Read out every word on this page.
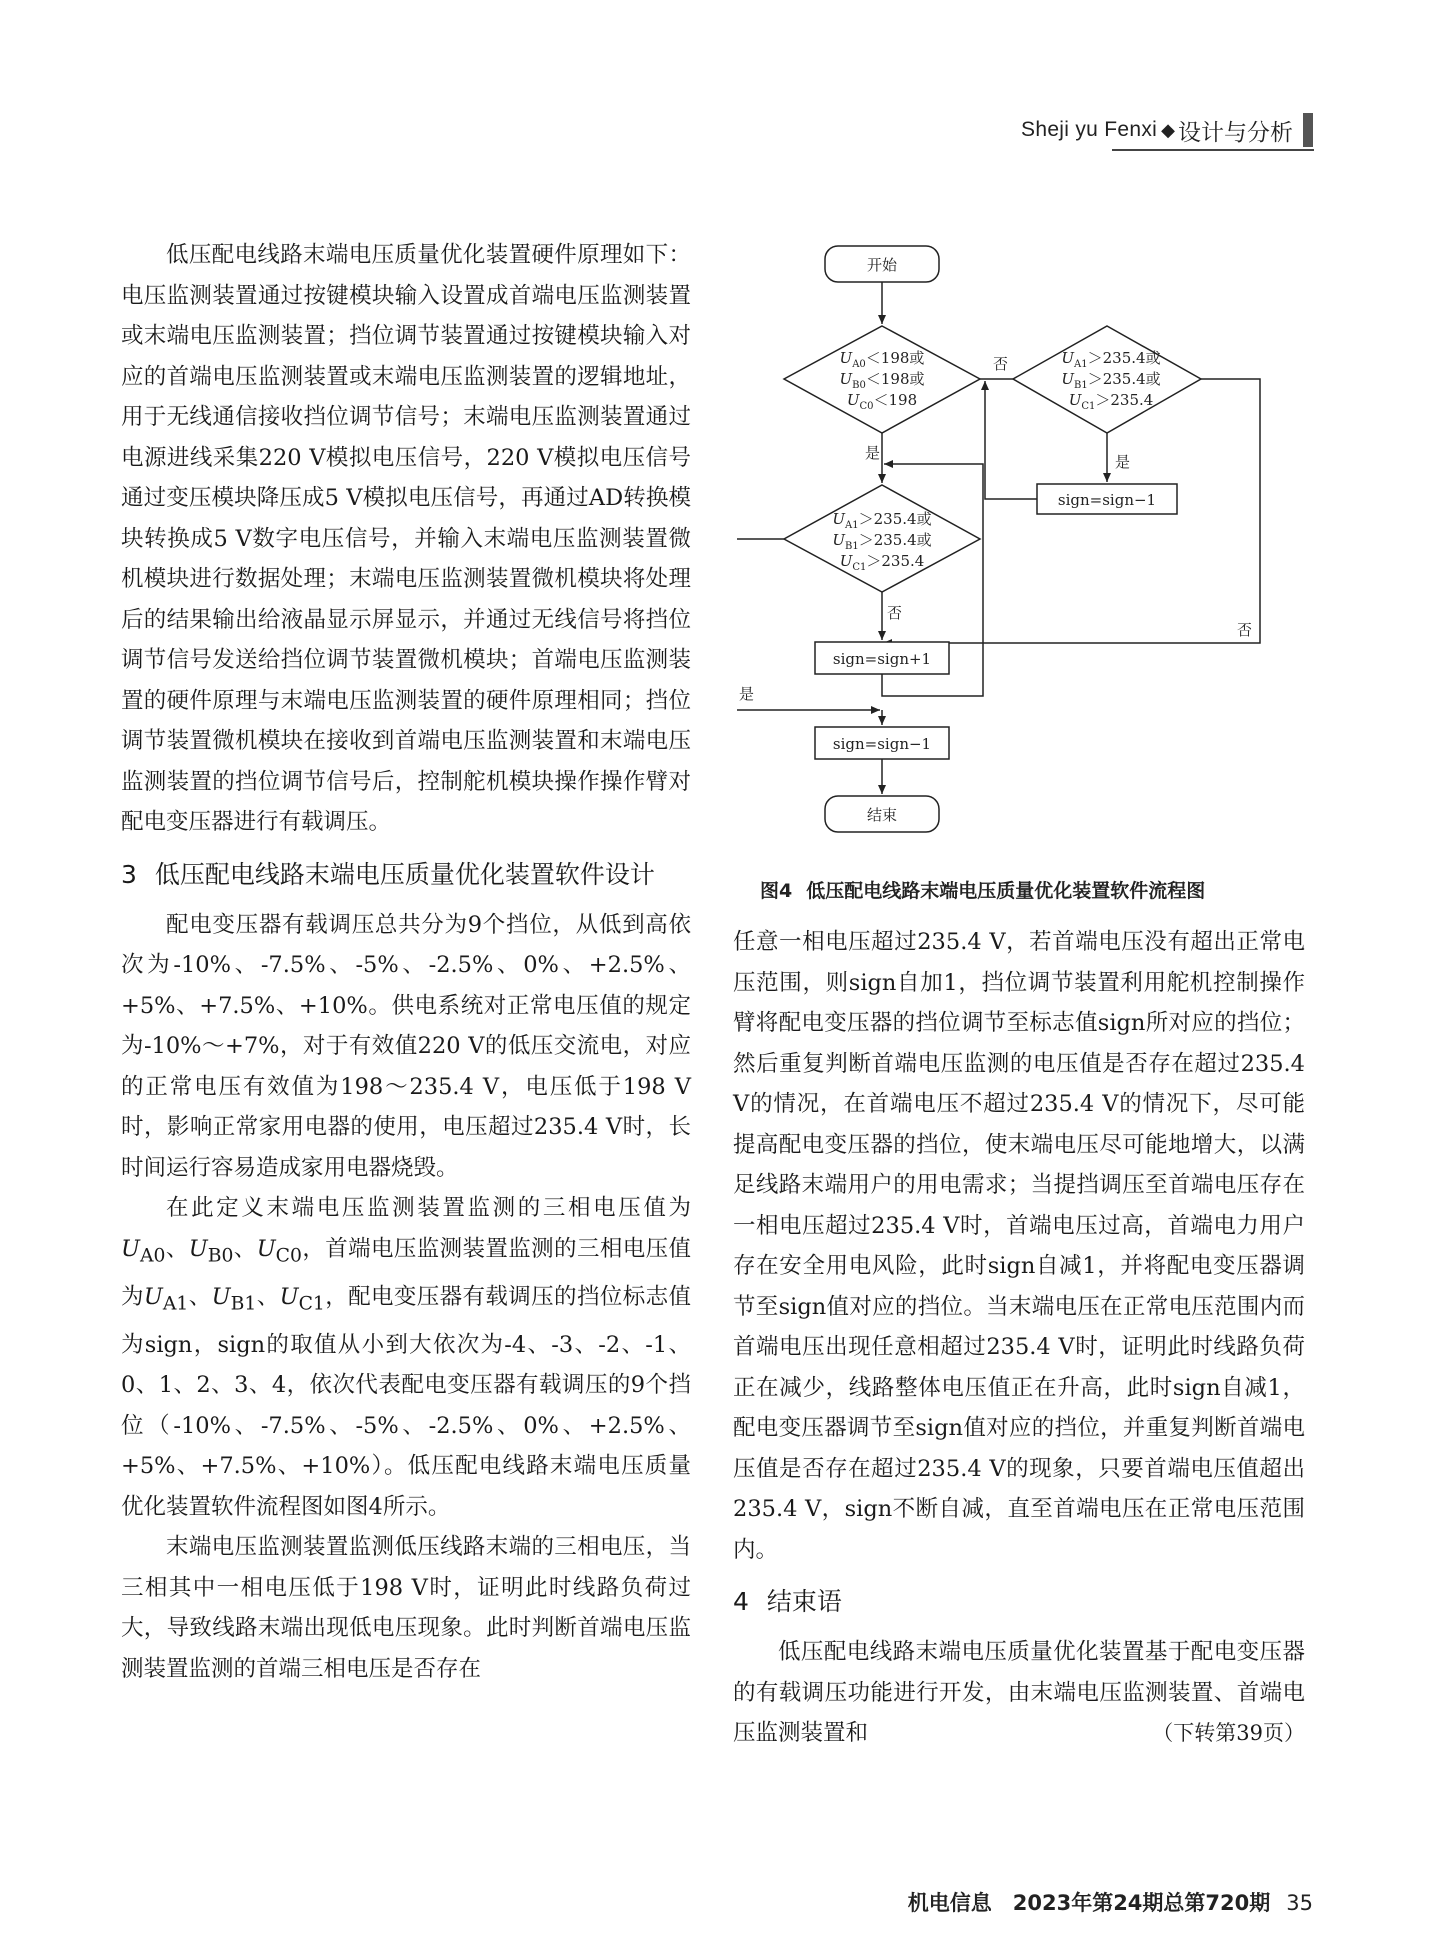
Sheji yu Fenxi ◆ 设计与分析

低压配电线路末端电压质量优化装置硬件原理如下：电压监测装置通过按键模块输入设置成首端电压监测装置或末端电压监测装置；挡位调节装置通过按键模块输入对应的首端电压监测装置或末端电压监测装置的逻辑地址，用于无线通信接收挡位调节信号；末端电压监测装置通过电源进线采集220 V模拟电压信号，220 V模拟电压信号通过变压模块降压成5 V模拟电压信号，再通过AD转换模块转换成5 V数字电压信号，并输入末端电压监测装置微机模块进行数据处理；末端电压监测装置微机模块将处理后的结果输出给液晶显示屏显示，并通过无线信号将挡位调节信号发送给挡位调节装置微机模块；首端电压监测装置的硬件原理与末端电压监测装置的硬件原理相同；挡位调节装置微机模块在接收到首端电压监测装置和末端电压监测装置的挡位调节信号后，控制舵机模块操作操作臂对配电变压器进行有载调压。

3 低压配电线路末端电压质量优化装置软件设计

配电变压器有载调压总共分为9个挡位，从低到高依次为-10%、-7.5%、-5%、-2.5%、0%、+2.5%、+5%、+7.5%、+10%。供电系统对正常电压值的规定为-10%～+7%，对于有效值220 V的低压交流电，对应的正常电压有效值为198～235.4 V，电压低于198 V时，影响正常家用电器的使用，电压超过235.4 V时，长时间运行容易造成家用电器烧毁。

在此定义末端电压监测装置监测的三相电压值为$U_{A0}$、$U_{B0}$、$U_{C0}$，首端电压监测装置监测的三相电压值为$U_{A1}$、$U_{B1}$、$U_{C1}$，配电变压器有载调压的挡位标志值为sign，sign的取值从小到大依次为-4、-3、-2、-1、0、1、2、3、4，依次代表配电变压器有载调压的9个挡位（-10%、-7.5%、-5%、-2.5%、0%、+2.5%、+5%、+7.5%、+10%）。低压配电线路末端电压质量优化装置软件流程图如图4所示。

末端电压监测装置监测低压线路末端的三相电压，当三相其中一相电压低于198 V时，证明此时线路负荷过大，导致线路末端出现低电压现象。此时判断首端电压监测装置监测的首端三相电压是否存在

开始
结束
$U_{A0}<198$或
$U_{B0}<198$或
$U_{C0}<198$
$U_{A1}>235.4$或
$U_{B1}>235.4$或
$U_{C1}>235.4$
$U_{A1}>235.4$或
$U_{B1}>235.4$或
$U_{C1}>235.4$
sign=sign+1
sign=sign−1
sign=sign−1
否
是	是
否
是
否
图4 低压配电线路末端电压质量优化装置软件流程图

任意一相电压超过235.4 V，若首端电压没有超出正常电压范围，则sign自加1，挡位调节装置利用舵机控制操作臂将配电变压器的挡位调节至标志值sign所对应的挡位；然后重复判断首端电压监测的电压值是否存在超过235.4 V的情况，在首端电压不超过235.4 V的情况下，尽可能提高配电变压器的挡位，使末端电压尽可能地增大，以满足线路末端用户的用电需求；当提挡调压至首端电压存在一相电压超过235.4 V时，首端电压过高，首端电力用户存在安全用电风险，此时sign自减1，并将配电变压器调节至sign值对应的挡位。当末端电压在正常电压范围内而首端电压出现任意相超过235.4 V时，证明此时线路负荷正在减少，线路整体电压值正在升高，此时sign自减1，配电变压器调节至sign值对应的挡位，并重复判断首端电压值是否存在超过235.4 V的现象，只要首端电压值超出235.4 V，sign不断自减，直至首端电压在正常电压范围内。

4 结束语

低压配电线路末端电压质量优化装置基于配电变压器的有载调压功能进行开发，由末端电压监测装置、首端电压监测装置和	（下转第39页）

机电信息　2023年第24期总第720期 35
